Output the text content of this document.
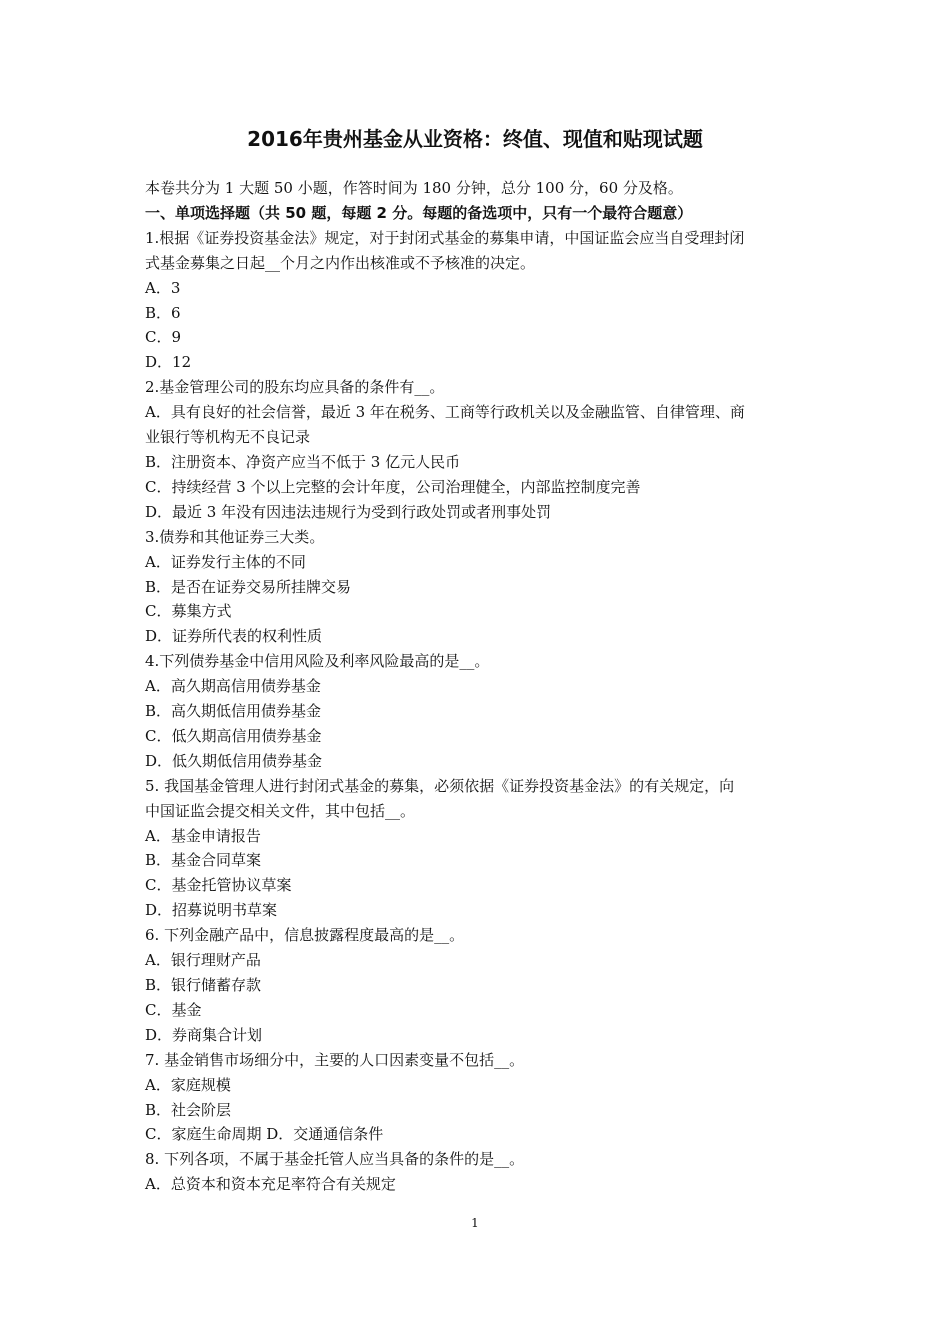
2016年贵州基金从业资格：终值、现值和贴现试题
本卷共分为 1 大题 50 小题，作答时间为 180 分钟，总分 100 分，60 分及格。
一、单项选择题（共 50 题，每题 2 分。每题的备选项中，只有一个最符合题意）
1.根据《证券投资基金法》规定，对于封闭式基金的募集申请，中国证监会应当自受理封闭
式基金募集之日起__个月之内作出核准或不予核准的决定。
A．3
B．6
C．9
D．12
2.基金管理公司的股东均应具备的条件有__。
A．具有良好的社会信誉，最近 3 年在税务、工商等行政机关以及金融监管、自律管理、商
业银行等机构无不良记录
B．注册资本、净资产应当不低于 3 亿元人民币
C．持续经营 3 个以上完整的会计年度，公司治理健全，内部监控制度完善
D．最近 3 年没有因违法违规行为受到行政处罚或者刑事处罚
3.债券和其他证券三大类。
A．证券发行主体的不同
B．是否在证券交易所挂牌交易
C．募集方式
D．证券所代表的权利性质
4.下列债券基金中信用风险及利率风险最高的是__。
A．高久期高信用债券基金
B．高久期低信用债券基金
C．低久期高信用债券基金
D．低久期低信用债券基金
5. 我国基金管理人进行封闭式基金的募集，必须依据《证券投资基金法》的有关规定，向
中国证监会提交相关文件，其中包括__。
A．基金申请报告
B．基金合同草案
C．基金托管协议草案
D．招募说明书草案
6. 下列金融产品中，信息披露程度最高的是__。
A．银行理财产品
B．银行储蓄存款
C．基金
D．券商集合计划
7. 基金销售市场细分中，主要的人口因素变量不包括__。
A．家庭规模
B．社会阶层
C．家庭生命周期 D．交通通信条件
8. 下列各项，不属于基金托管人应当具备的条件的是__。
A．总资本和资本充足率符合有关规定
1
